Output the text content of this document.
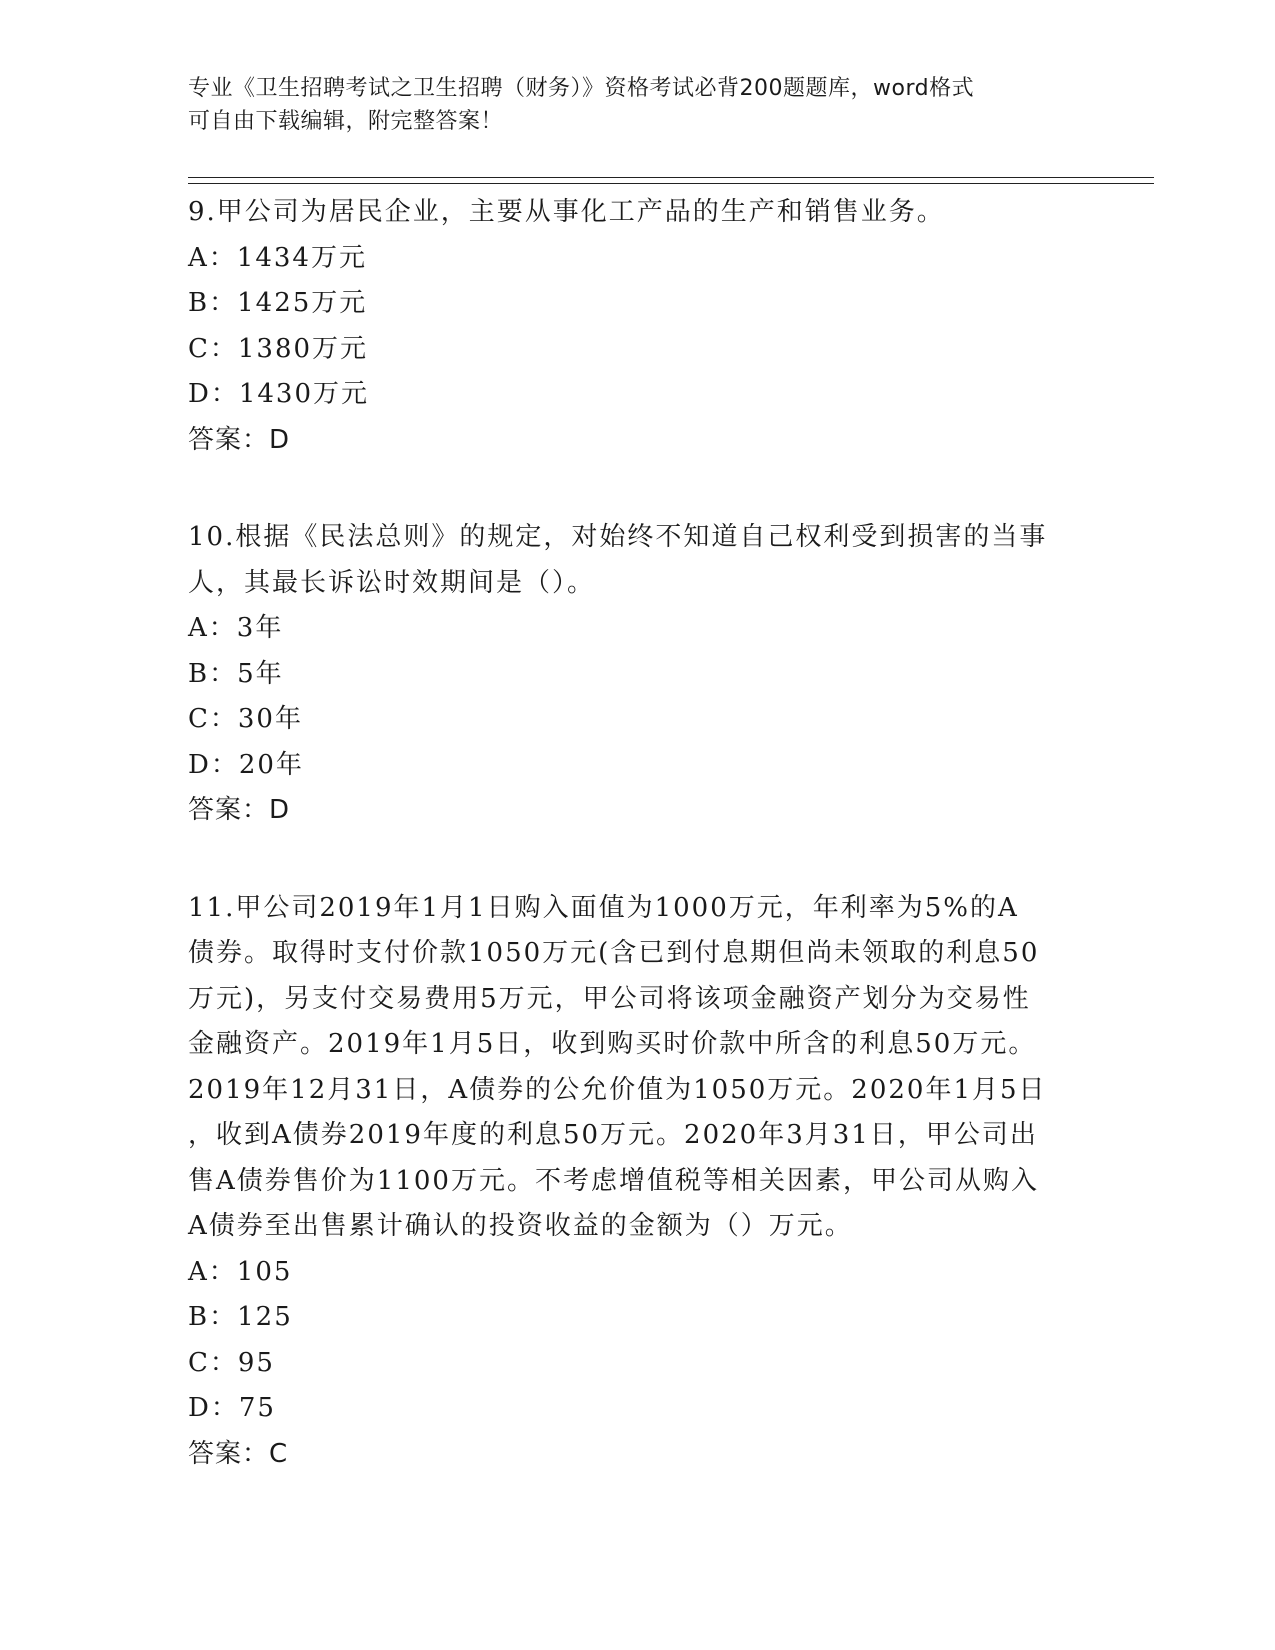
专业《卫生招聘考试之卫生招聘（财务）》资格考试必背200题题库，word格式
可自由下载编辑，附完整答案！

9.甲公司为居民企业，主要从事化工产品的生产和销售业务。

A：1434万元

B：1425万元

C：1380万元

D：1430万元

答案：D

10.根据《民法总则》的规定，对始终不知道自己权利受到损害的当事

人，其最长诉讼时效期间是（）。

A：3年

B：5年

C：30年

D：20年

答案：D

11.甲公司2019年1月1日购入面值为1000万元，年利率为5%的A

债券。取得时支付价款1050万元(含已到付息期但尚未领取的利息50

万元)，另支付交易费用5万元，甲公司将该项金融资产划分为交易性

金融资产。2019年1月5日，收到购买时价款中所含的利息50万元。

2019年12月31日，A债券的公允价值为1050万元。2020年1月5日

，收到A债券2019年度的利息50万元。2020年3月31日，甲公司出

售A债券售价为1100万元。不考虑增值税等相关因素，甲公司从购入

A债券至出售累计确认的投资收益的金额为（）万元。

A：105

B：125

C：95

D：75

答案：C
